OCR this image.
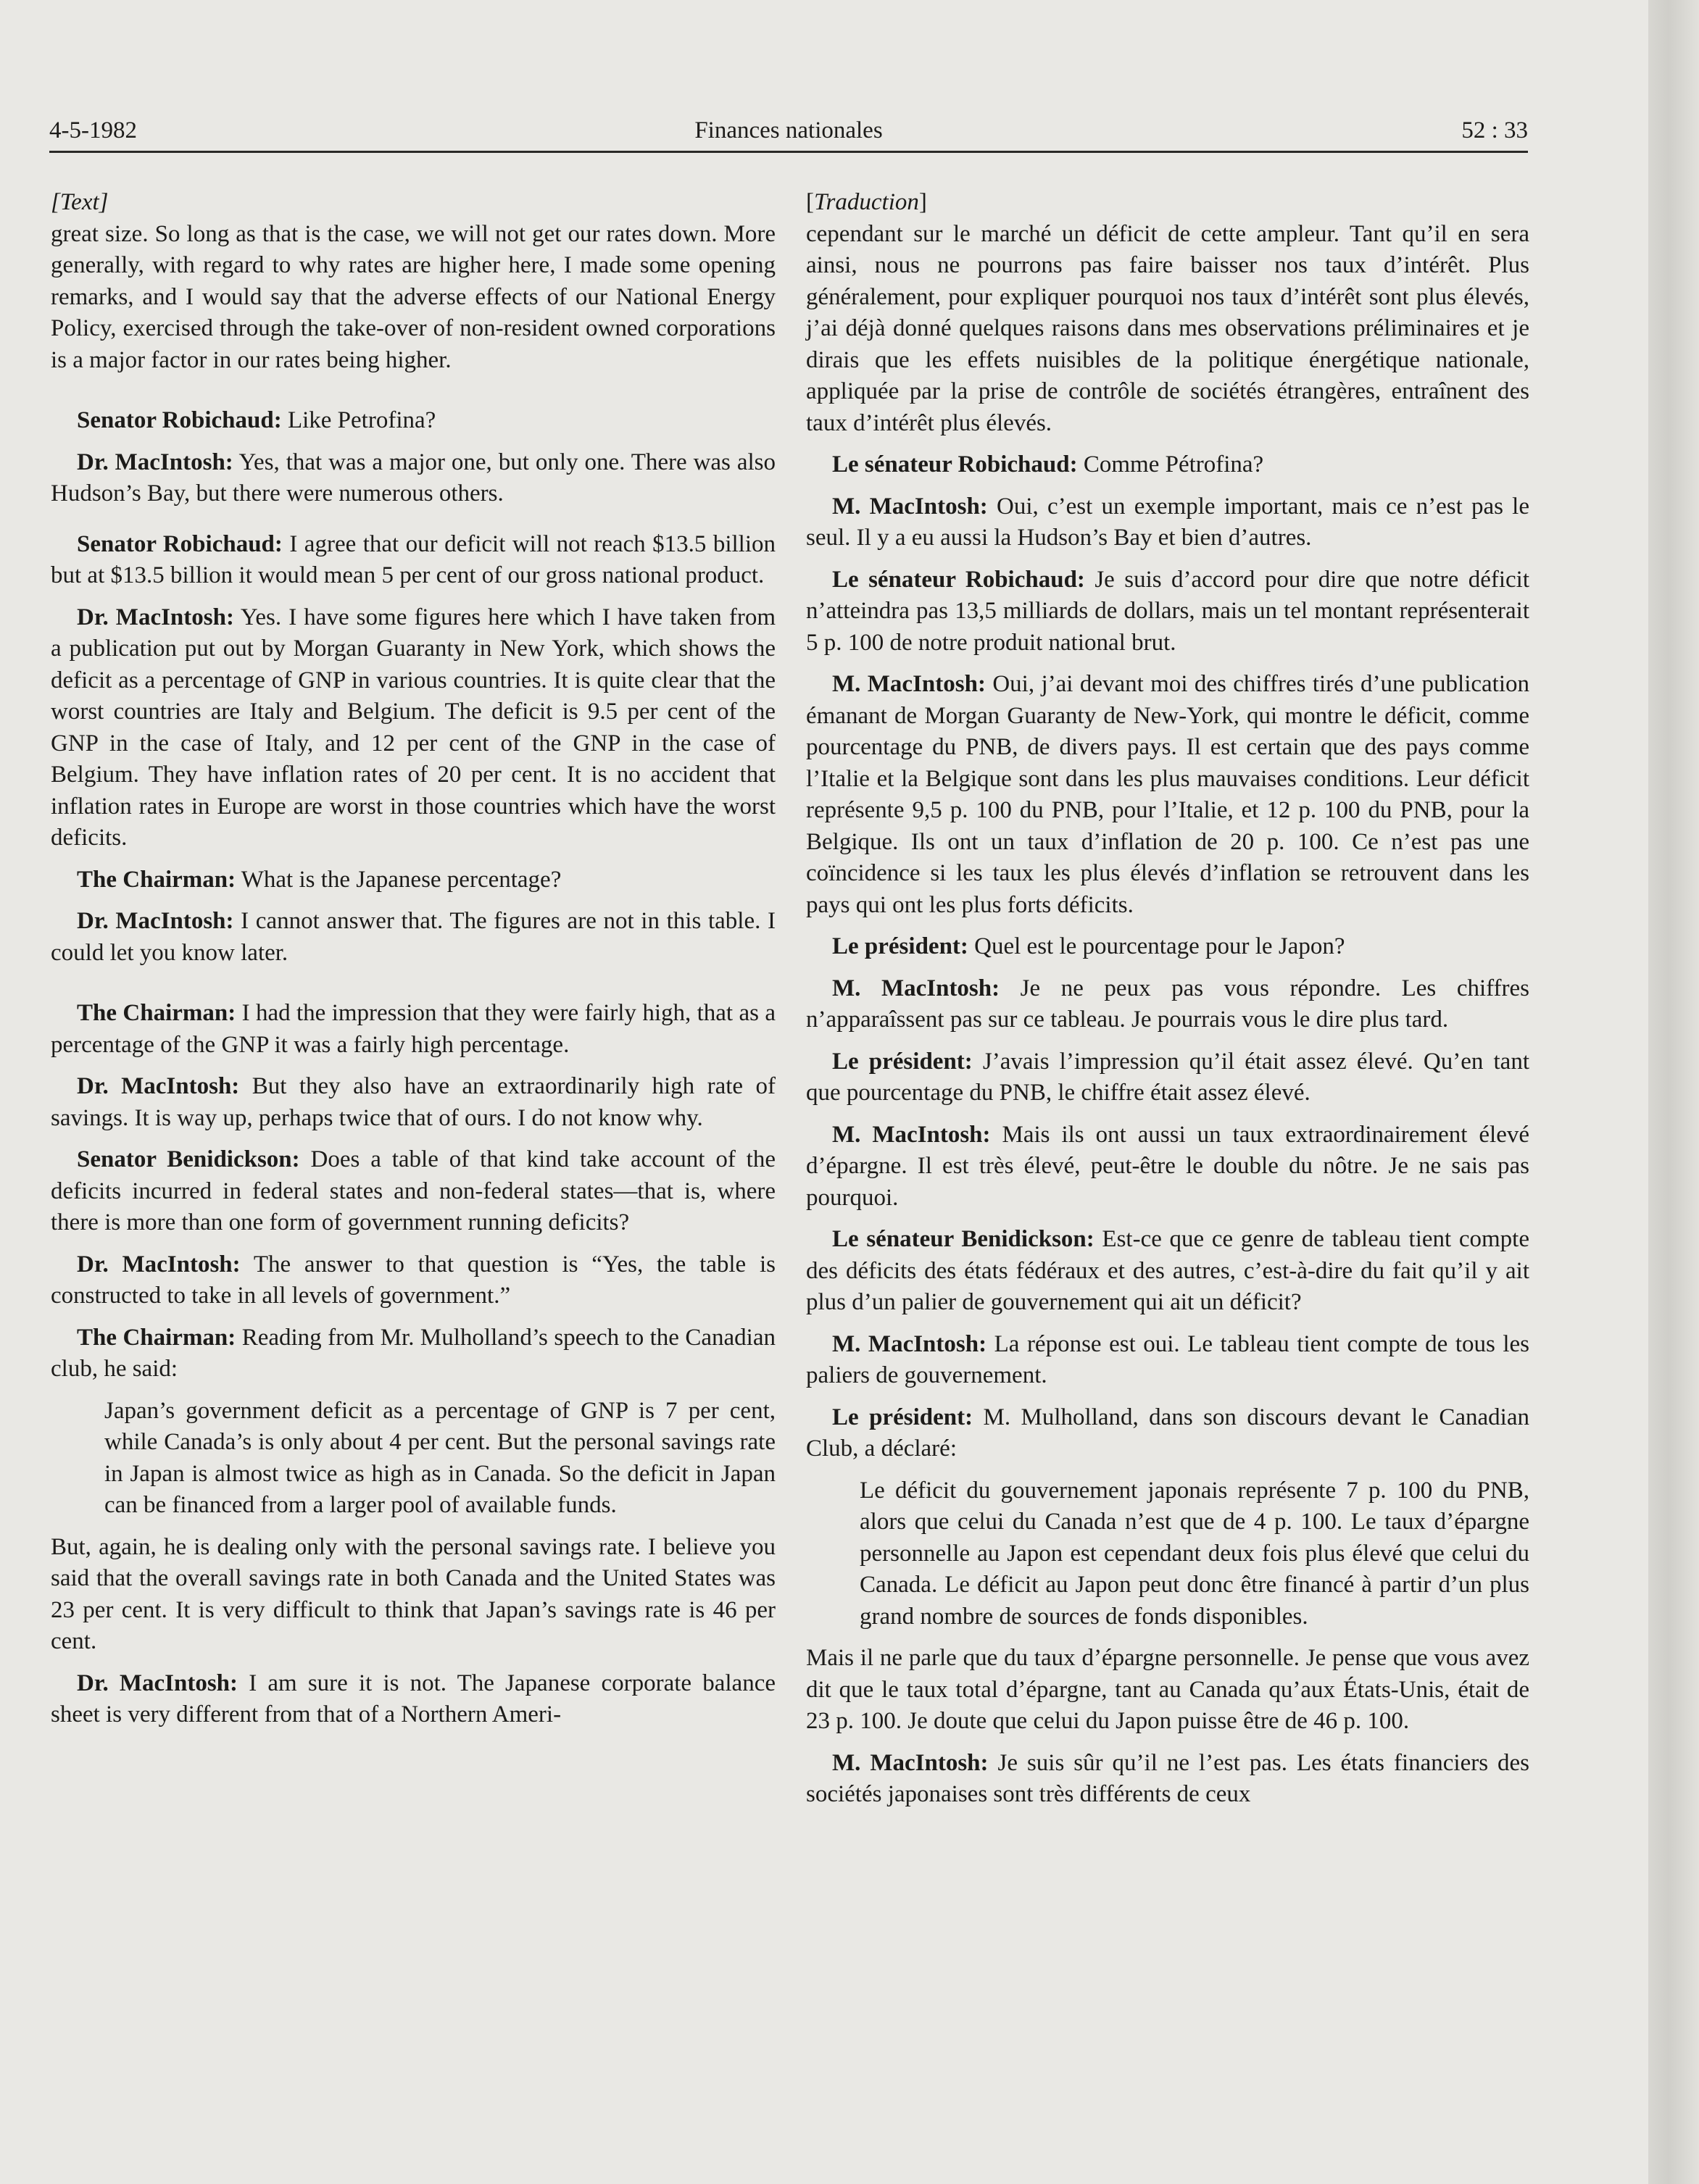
4-5-1982	Finances nationales	52 : 33

[Text]

great size. So long as that is the case, we will not get our rates down. More generally, with regard to why rates are higher here, I made some opening remarks, and I would say that the adverse effects of our National Energy Policy, exercised through the take-over of non-resident owned corporations is a major factor in our rates being higher.

Senator Robichaud: Like Petrofina?

Dr. MacIntosh: Yes, that was a major one, but only one. There was also Hudson’s Bay, but there were numerous others.

Senator Robichaud: I agree that our deficit will not reach $13.5 billion but at $13.5 billion it would mean 5 per cent of our gross national product.

Dr. MacIntosh: Yes. I have some figures here which I have taken from a publication put out by Morgan Guaranty in New York, which shows the deficit as a percentage of GNP in various countries. It is quite clear that the worst countries are Italy and Belgium. The deficit is 9.5 per cent of the GNP in the case of Italy, and 12 per cent of the GNP in the case of Belgium. They have inflation rates of 20 per cent. It is no accident that inflation rates in Europe are worst in those countries which have the worst deficits.

The Chairman: What is the Japanese percentage?

Dr. MacIntosh: I cannot answer that. The figures are not in this table. I could let you know later.

The Chairman: I had the impression that they were fairly high, that as a percentage of the GNP it was a fairly high percentage.

Dr. MacIntosh: But they also have an extraordinarily high rate of savings. It is way up, perhaps twice that of ours. I do not know why.

Senator Benidickson: Does a table of that kind take account of the deficits incurred in federal states and non-federal states—that is, where there is more than one form of government running deficits?

Dr. MacIntosh: The answer to that question is “Yes, the table is constructed to take in all levels of government.”

The Chairman: Reading from Mr. Mulholland’s speech to the Canadian club, he said:

Japan’s government deficit as a percentage of GNP is 7 per cent, while Canada’s is only about 4 per cent. But the personal savings rate in Japan is almost twice as high as in Canada. So the deficit in Japan can be financed from a larger pool of available funds.

But, again, he is dealing only with the personal savings rate. I believe you said that the overall savings rate in both Canada and the United States was 23 per cent. It is very difficult to think that Japan’s savings rate is 46 per cent.

Dr. MacIntosh: I am sure it is not. The Japanese corporate balance sheet is very different from that of a Northern Ameri-

[Traduction]

cependant sur le marché un déficit de cette ampleur. Tant qu’il en sera ainsi, nous ne pourrons pas faire baisser nos taux d’intérêt. Plus généralement, pour expliquer pourquoi nos taux d’intérêt sont plus élevés, j’ai déjà donné quelques raisons dans mes observations préliminaires et je dirais que les effets nuisibles de la politique énergétique nationale, appliquée par la prise de contrôle de sociétés étrangères, entraînent des taux d’intérêt plus élevés.

Le sénateur Robichaud: Comme Pétrofina?

M. MacIntosh: Oui, c’est un exemple important, mais ce n’est pas le seul. Il y a eu aussi la Hudson’s Bay et bien d’autres.

Le sénateur Robichaud: Je suis d’accord pour dire que notre déficit n’atteindra pas 13,5 milliards de dollars, mais un tel montant représenterait 5 p. 100 de notre produit national brut.

M. MacIntosh: Oui, j’ai devant moi des chiffres tirés d’une publication émanant de Morgan Guaranty de New-York, qui montre le déficit, comme pourcentage du PNB, de divers pays. Il est certain que des pays comme l’Italie et la Belgique sont dans les plus mauvaises conditions. Leur déficit représente 9,5 p. 100 du PNB, pour l’Italie, et 12 p. 100 du PNB, pour la Belgique. Ils ont un taux d’inflation de 20 p. 100. Ce n’est pas une coïncidence si les taux les plus élevés d’inflation se retrouvent dans les pays qui ont les plus forts déficits.

Le président: Quel est le pourcentage pour le Japon?

M. MacIntosh: Je ne peux pas vous répondre. Les chiffres n’apparaîssent pas sur ce tableau. Je pourrais vous le dire plus tard.

Le président: J’avais l’impression qu’il était assez élevé. Qu’en tant que pourcentage du PNB, le chiffre était assez élevé.

M. MacIntosh: Mais ils ont aussi un taux extraordinairement élevé d’épargne. Il est très élevé, peut-être le double du nôtre. Je ne sais pas pourquoi.

Le sénateur Benidickson: Est-ce que ce genre de tableau tient compte des déficits des états fédéraux et des autres, c’est-à-dire du fait qu’il y ait plus d’un palier de gouvernement qui ait un déficit?

M. MacIntosh: La réponse est oui. Le tableau tient compte de tous les paliers de gouvernement.

Le président: M. Mulholland, dans son discours devant le Canadian Club, a déclaré:

Le déficit du gouvernement japonais représente 7 p. 100 du PNB, alors que celui du Canada n’est que de 4 p. 100. Le taux d’épargne personnelle au Japon est cependant deux fois plus élevé que celui du Canada. Le déficit au Japon peut donc être financé à partir d’un plus grand nombre de sources de fonds disponibles.

Mais il ne parle que du taux d’épargne personnelle. Je pense que vous avez dit que le taux total d’épargne, tant au Canada qu’aux États-Unis, était de 23 p. 100. Je doute que celui du Japon puisse être de 46 p. 100.

M. MacIntosh: Je suis sûr qu’il ne l’est pas. Les états financiers des sociétés japonaises sont très différents de ceux
